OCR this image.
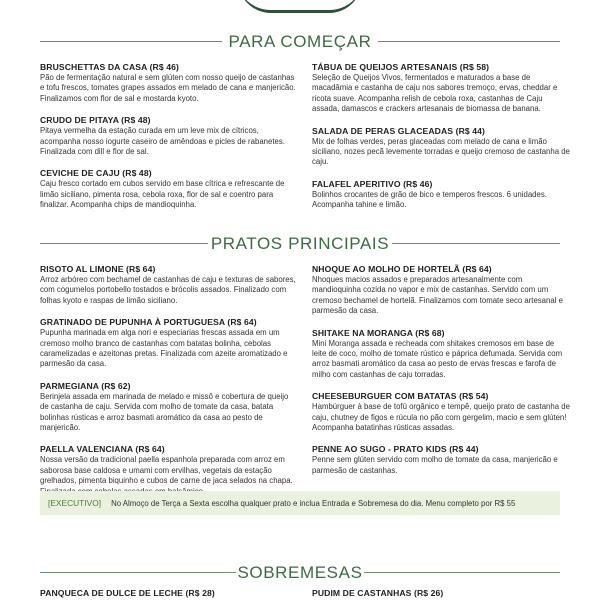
PARA COMEÇAR
BRUSCHETTAS DA CASA (R$ 46)
Pão de fermentação natural e sem glúten com nosso queijo de castanhas e tofu frescos, tomates grapes assados em melado de cana e manjericão. Finalizamos com flor de sal e mostarda kyoto.
CRUDO DE PITAYA (R$ 48)
Pitaya vermelha da estação curada em um leve mix de cítricos, acompanha nosso iogurte caseiro de amêndoas e picles de rabanetes. Finalizada com dill e flor de sal.
CEVICHE DE CAJU (R$ 48)
Caju fresco cortado em cubos servido em base cítrica e refrescante de limão siciliano, pimenta rosa, cebola roxa, flor de sal e coentro para finalizar. Acompanha chips de mandioquinha.
TÁBUA DE QUEIJOS ARTESANAIS (R$ 58)
Seleção de Queijos Vivos, fermentados e maturados a base de macadâmia e castanha de caju nos sabores tremoço, ervas, cheddar e ricota suave. Acompanha relish de cebola roxa, castanhas de Caju assada, damascos e crackers artesanais de biomassa de banana.
SALADA DE PERAS GLACEADAS (R$ 44)
Mix de folhas verdes, peras glaceadas com melado de cana e limão siciliano, nozes pecã levemente torradas e queijo cremoso de castanha de caju.
FALAFEL APERITIVO (R$ 46)
Bolinhos crocantes de grão de bico e temperos frescos. 6 unidades. Acompanha tahine e limão.
PRATOS PRINCIPAIS
RISOTO AL LIMONE (R$ 64)
Arroz arbóreo com bechamel de castanhas de caju e texturas de sabores, com cogumelos portobello tostados e brócolis assados. Finalizado com folhas kyoto e raspas de limão siciliano.
GRATINADO DE PUPUNHA À PORTUGUESA (R$ 64)
Pupunha marinada em alga nori e especiarias frescas assada em um cremoso molho branco de castanhas com batatas bolinha, cebolas caramelizadas e azeitonas pretas. Finalizada com azeite aromatizado e parmesão da casa.
PARMEGIANA (R$ 62)
Berinjela assada em marinada de melado e missô e cobertura de queijo de castanha de caju. Servida com molho de tomate da casa, batata bolinhas rústicas e arroz basmati aromático da casa ao pesto de manjericão.
PAELLA VALENCIANA (R$ 64)
Nossa versão da tradicional paella espanhola preparada com arroz em saborosa base caldosa e umami com ervilhas, vegetais da estação grelhados, pimenta biquinho e cubos de carne de jaca selados na chapa.
NHOQUE AO MOLHO DE HORTELÃ (R$ 64)
Nhoques macios assados e preparados artesanalmente com mandioquinha cozida no vapor e mix de castanhas. Servido com um cremoso bechamel de hortelã. Finalizamos com tomate seco artesanal e parmesão da casa.
SHITAKE NA MORANGA (R$ 68)
Mini Moranga assada e recheada com shitakes cremosos em base de leite de coco, molho de tomate rústico e páprica defumada. Servida com arroz basmati aromático da casa ao pesto de ervas frescas e farofa de milho com castanhas de caju torradas.
CHEESEBURGUER COM BATATAS (R$ 54)
Hambúrguer à base de tofú orgânico e tempê, queijo prato de castanha de caju, chutney de figos e rúcula no pão com gergelim, macio e sem glúten! Acompanha batatinhas rústicas assadas.
PENNE AO SUGO - PRATO KIDS (R$ 44)
Penne sem glúten servido com molho de tomate da casa, manjericão e parmesão de castanhas.
[EXECUTIVO] No Almoço de Terça a Sexta escolha qualquer prato e inclua Entrada e Sobremesa do dia. Menu completo por R$ 55
SOBREMESAS
PANQUECA DE DULCE DE LECHE (R$ 28)	PUDIM DE CASTANHAS (R$ 26)
